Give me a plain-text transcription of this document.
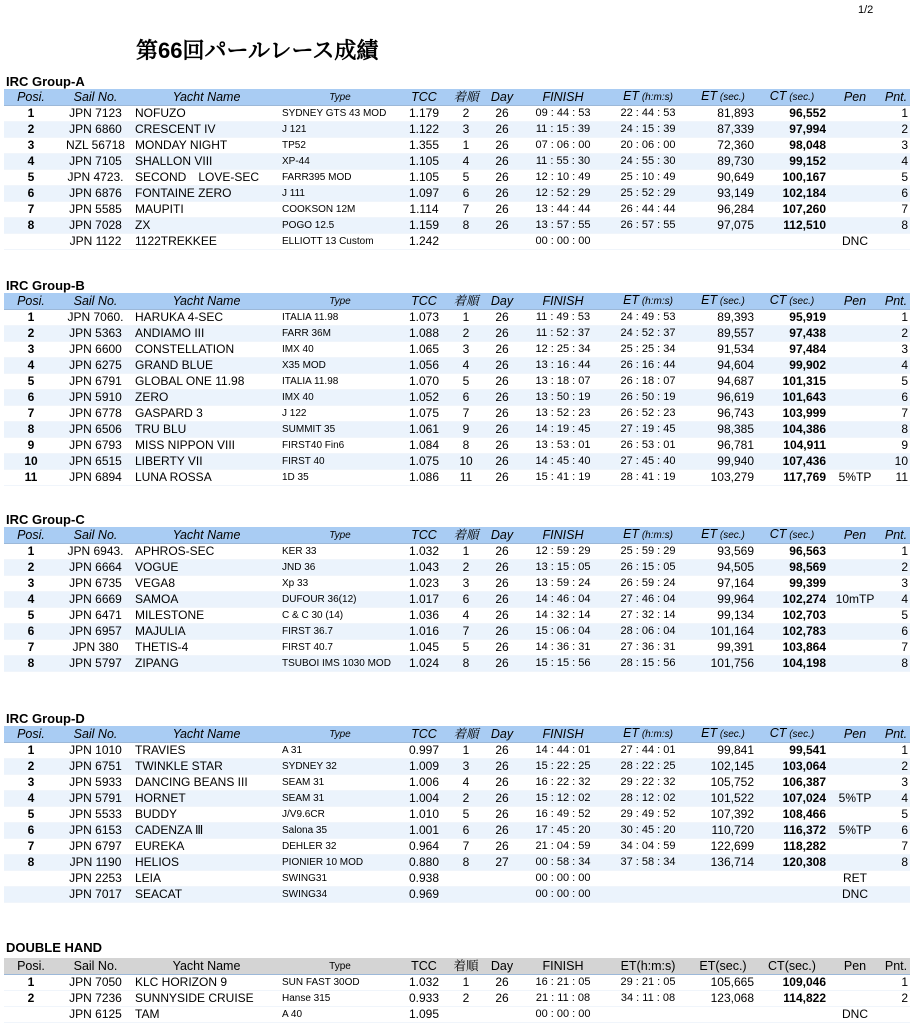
1/2
第66回パールレース成績
IRC Group-A
Posi.	Sail No.	Yacht Name	Type	TCC	着順	Day	FINISH	ET (h:m:s)	ET (sec.)	CT (sec.)	Pen	Pnt.
1	JPN 7123	NOFUZO	SYDNEY GTS 43 MOD	1.179	2	26	09 : 44 : 53	22 : 44 : 53	81,893	96,552		1
2	JPN 6860	CRESCENT IV	J 121	1.122	3	26	11 : 15 : 39	24 : 15 : 39	87,339	97,994		2
3	NZL 56718	MONDAY NIGHT	TP52	1.355	1	26	07 : 06 : 00	20 : 06 : 00	72,360	98,048		3
4	JPN 7105	SHALLON VIII	XP-44	1.105	4	26	11 : 55 : 30	24 : 55 : 30	89,730	99,152		4
5	JPN 4723.	SECOND　LOVE-SEC	FARR395 MOD	1.105	5	26	12 : 10 : 49	25 : 10 : 49	90,649	100,167		5
6	JPN 6876	FONTAINE ZERO	J 111	1.097	6	26	12 : 52 : 29	25 : 52 : 29	93,149	102,184		6
7	JPN 5585	MAUPITI	COOKSON 12M	1.114	7	26	13 : 44 : 44	26 : 44 : 44	96,284	107,260		7
8	JPN 7028	ZX	POGO 12.5	1.159	8	26	13 : 57 : 55	26 : 57 : 55	97,075	112,510		8
	JPN 1122	1122TREKKEE	ELLIOTT 13 Custom	1.242			00 : 00 : 00				DNC	
IRC Group-B
Posi.	Sail No.	Yacht Name	Type	TCC	着順	Day	FINISH	ET (h:m:s)	ET (sec.)	CT (sec.)	Pen	Pnt.
1	JPN 7060.	HARUKA 4-SEC	ITALIA 11.98	1.073	1	26	11 : 49 : 53	24 : 49 : 53	89,393	95,919		1
2	JPN 5363	ANDIAMO III	FARR 36M	1.088	2	26	11 : 52 : 37	24 : 52 : 37	89,557	97,438		2
3	JPN 6600	CONSTELLATION	IMX 40	1.065	3	26	12 : 25 : 34	25 : 25 : 34	91,534	97,484		3
4	JPN 6275	GRAND BLUE	X35 MOD	1.056	4	26	13 : 16 : 44	26 : 16 : 44	94,604	99,902		4
5	JPN 6791	GLOBAL ONE 11.98	ITALIA 11.98	1.070	5	26	13 : 18 : 07	26 : 18 : 07	94,687	101,315		5
6	JPN 5910	ZERO	IMX 40	1.052	6	26	13 : 50 : 19	26 : 50 : 19	96,619	101,643		6
7	JPN 6778	GASPARD 3	J 122	1.075	7	26	13 : 52 : 23	26 : 52 : 23	96,743	103,999		7
8	JPN 6506	TRU BLU	SUMMIT 35	1.061	9	26	14 : 19 : 45	27 : 19 : 45	98,385	104,386		8
9	JPN 6793	MISS NIPPON VIII	FIRST40 Fin6	1.084	8	26	13 : 53 : 01	26 : 53 : 01	96,781	104,911		9
10	JPN 6515	LIBERTY VII	FIRST 40	1.075	10	26	14 : 45 : 40	27 : 45 : 40	99,940	107,436		10
11	JPN 6894	LUNA ROSSA	1D 35	1.086	11	26	15 : 41 : 19	28 : 41 : 19	103,279	117,769	5%TP	11
IRC Group-C
Posi.	Sail No.	Yacht Name	Type	TCC	着順	Day	FINISH	ET (h:m:s)	ET (sec.)	CT (sec.)	Pen	Pnt.
1	JPN 6943.	APHROS-SEC	KER 33	1.032	1	26	12 : 59 : 29	25 : 59 : 29	93,569	96,563		1
2	JPN 6664	VOGUE	JND 36	1.043	2	26	13 : 15 : 05	26 : 15 : 05	94,505	98,569		2
3	JPN 6735	VEGA8	Xp 33	1.023	3	26	13 : 59 : 24	26 : 59 : 24	97,164	99,399		3
4	JPN 6669	SAMOA	DUFOUR 36(12)	1.017	6	26	14 : 46 : 04	27 : 46 : 04	99,964	102,274	10mTP	4
5	JPN 6471	MILESTONE	C & C 30 (14)	1.036	4	26	14 : 32 : 14	27 : 32 : 14	99,134	102,703		5
6	JPN 6957	MAJULIA	FIRST 36.7	1.016	7	26	15 : 06 : 04	28 : 06 : 04	101,164	102,783		6
7	JPN 380	THETIS-4	FIRST 40.7	1.045	5	26	14 : 36 : 31	27 : 36 : 31	99,391	103,864		7
8	JPN 5797	ZIPANG	TSUBOI IMS 1030 MOD	1.024	8	26	15 : 15 : 56	28 : 15 : 56	101,756	104,198		8
IRC Group-D
Posi.	Sail No.	Yacht Name	Type	TCC	着順	Day	FINISH	ET (h:m:s)	ET (sec.)	CT (sec.)	Pen	Pnt.
1	JPN 1010	TRAVIES	A 31	0.997	1	26	14 : 44 : 01	27 : 44 : 01	99,841	99,541		1
2	JPN 6751	TWINKLE STAR	SYDNEY 32	1.009	3	26	15 : 22 : 25	28 : 22 : 25	102,145	103,064		2
3	JPN 5933	DANCING BEANS III	SEAM 31	1.006	4	26	16 : 22 : 32	29 : 22 : 32	105,752	106,387		3
4	JPN 5791	HORNET	SEAM 31	1.004	2	26	15 : 12 : 02	28 : 12 : 02	101,522	107,024	5%TP	4
5	JPN 5533	BUDDY	J/V9.6CR	1.010	5	26	16 : 49 : 52	29 : 49 : 52	107,392	108,466		5
6	JPN 6153	CADENZA Ⅲ	Salona 35	1.001	6	26	17 : 45 : 20	30 : 45 : 20	110,720	116,372	5%TP	6
7	JPN 6797	EUREKA	DEHLER 32	0.964	7	26	21 : 04 : 59	34 : 04 : 59	122,699	118,282		7
8	JPN 1190	HELIOS	PIONIER 10 MOD	0.880	8	27	00 : 58 : 34	37 : 58 : 34	136,714	120,308		8
	JPN 2253	LEIA	SWING31	0.938			00 : 00 : 00				RET	
	JPN 7017	SEACAT	SWING34	0.969			00 : 00 : 00				DNC	
DOUBLE HAND
Posi.	Sail No.	Yacht Name	Type	TCC	着順	Day	FINISH	ET(h:m:s)	ET(sec.)	CT(sec.)	Pen	Pnt.
1	JPN 7050	KLC HORIZON 9	SUN FAST 30OD	1.032	1	26	16 : 21 : 05	29 : 21 : 05	105,665	109,046		1
2	JPN 7236	SUNNYSIDE CRUISE	Hanse 315	0.933	2	26	21 : 11 : 08	34 : 11 : 08	123,068	114,822		2
	JPN 6125	TAM	A 40	1.095			00 : 00 : 00				DNC	
